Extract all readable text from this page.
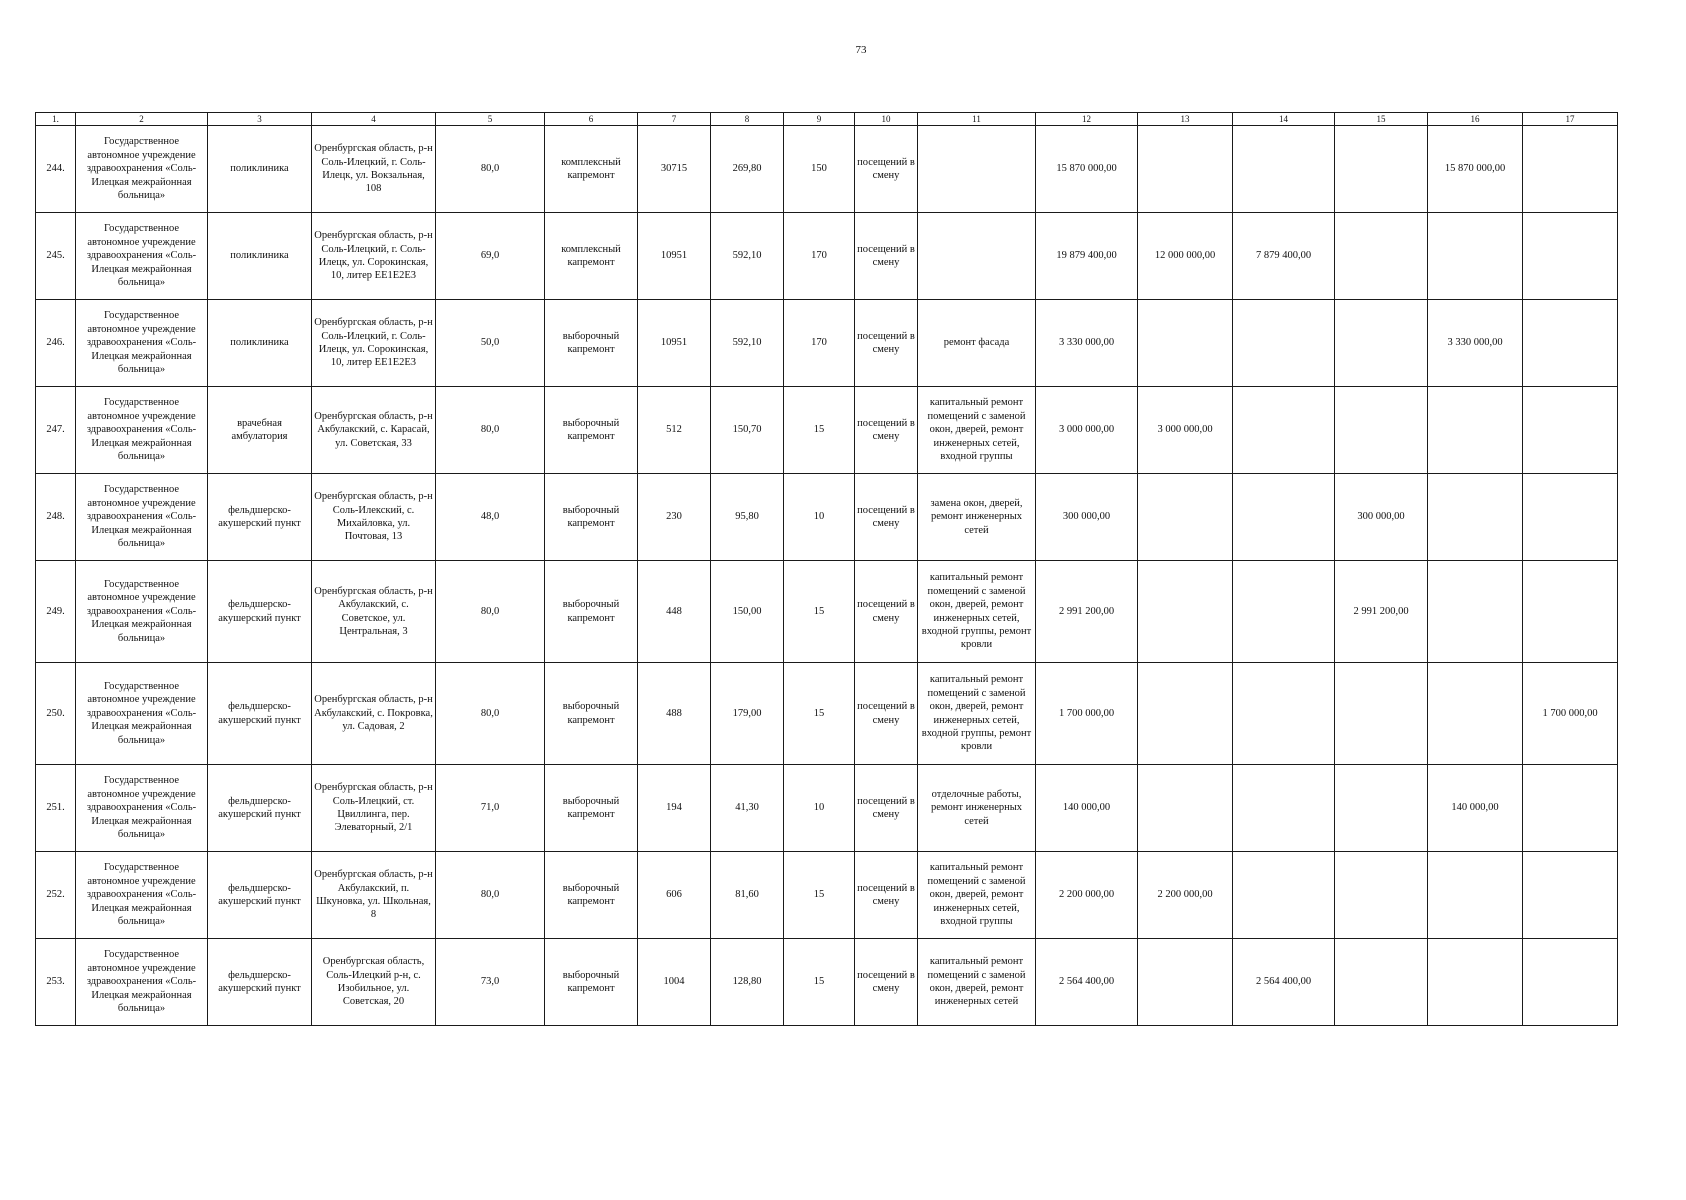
73
1.	2	3	4	5	6	7	8	9	10	11	12	13	14	15	16	17
244.	Государственное автономное учреждение здравоохранения «Соль-Илецкая межрайонная больница»	поликлиника	Оренбургская область, р-н Соль-Илецкий, г. Соль-Илецк, ул. Вокзальная, 108	80,0	комплексный капремонт	30715	269,80	150	посещений в смену		15 870 000,00				15 870 000,00	
245.	Государственное автономное учреждение здравоохранения «Соль-Илецкая межрайонная больница»	поликлиника	Оренбургская область, р-н Соль-Илецкий, г. Соль-Илецк, ул. Сорокинская, 10, литер ЕЕ1Е2Е3	69,0	комплексный капремонт	10951	592,10	170	посещений в смену		19 879 400,00	12 000 000,00	7 879 400,00			
246.	Государственное автономное учреждение здравоохранения «Соль-Илецкая межрайонная больница»	поликлиника	Оренбургская область, р-н Соль-Илецкий, г. Соль-Илецк, ул. Сорокинская, 10, литер ЕЕ1Е2Е3	50,0	выборочный капремонт	10951	592,10	170	посещений в смену	ремонт фасада	3 330 000,00				3 330 000,00	
247.	Государственное автономное учреждение здравоохранения «Соль-Илецкая межрайонная больница»	врачебная амбулатория	Оренбургская область, р-н Акбулакский, с. Карасай, ул. Советская, 33	80,0	выборочный капремонт	512	150,70	15	посещений в смену	капитальный ремонт помещений с заменой окон, дверей, ремонт инженерных сетей, входной группы	3 000 000,00	3 000 000,00				
248.	Государственное автономное учреждение здравоохранения «Соль-Илецкая межрайонная больница»	фельдшерско-акушерский пункт	Оренбургская область, р-н Соль-Илекский, с. Михайловка, ул. Почтовая, 13	48,0	выборочный капремонт	230	95,80	10	посещений в смену	замена окон, дверей, ремонт инженерных сетей	300 000,00			300 000,00		
249.	Государственное автономное учреждение здравоохранения «Соль-Илецкая межрайонная больница»	фельдшерско-акушерский пункт	Оренбургская область, р-н Акбулакский, с. Советское, ул. Центральная, 3	80,0	выборочный капремонт	448	150,00	15	посещений в смену	капитальный ремонт помещений с заменой окон, дверей, ремонт инженерных сетей, входной группы, ремонт кровли	2 991 200,00			2 991 200,00		
250.	Государственное автономное учреждение здравоохранения «Соль-Илецкая межрайонная больница»	фельдшерско-акушерский пункт	Оренбургская область, р-н Акбулакский, с. Покровка, ул. Садовая, 2	80,0	выборочный капремонт	488	179,00	15	посещений в смену	капитальный ремонт помещений с заменой окон, дверей, ремонт инженерных сетей, входной группы, ремонт кровли	1 700 000,00					1 700 000,00
251.	Государственное автономное учреждение здравоохранения «Соль-Илецкая межрайонная больница»	фельдшерско-акушерский пункт	Оренбургская область, р-н Соль-Илецкий, ст. Цвиллинга, пер. Элеваторный, 2/1	71,0	выборочный капремонт	194	41,30	10	посещений в смену	отделочные работы, ремонт инженерных сетей	140 000,00				140 000,00	
252.	Государственное автономное учреждение здравоохранения «Соль-Илецкая межрайонная больница»	фельдшерско-акушерский пункт	Оренбургская область, р-н Акбулакский, п. Шкуновка, ул. Школьная, 8	80,0	выборочный капремонт	606	81,60	15	посещений в смену	капитальный ремонт помещений с заменой окон, дверей, ремонт инженерных сетей, входной группы	2 200 000,00	2 200 000,00				
253.	Государственное автономное учреждение здравоохранения «Соль-Илецкая межрайонная больница»	фельдшерско-акушерский пункт	Оренбургская область, Соль-Илецкий р-н, с. Изобильное, ул. Советская, 20	73,0	выборочный капремонт	1004	128,80	15	посещений в смену	капитальный ремонт помещений с заменой окон, дверей, ремонт инженерных сетей	2 564 400,00		2 564 400,00			
